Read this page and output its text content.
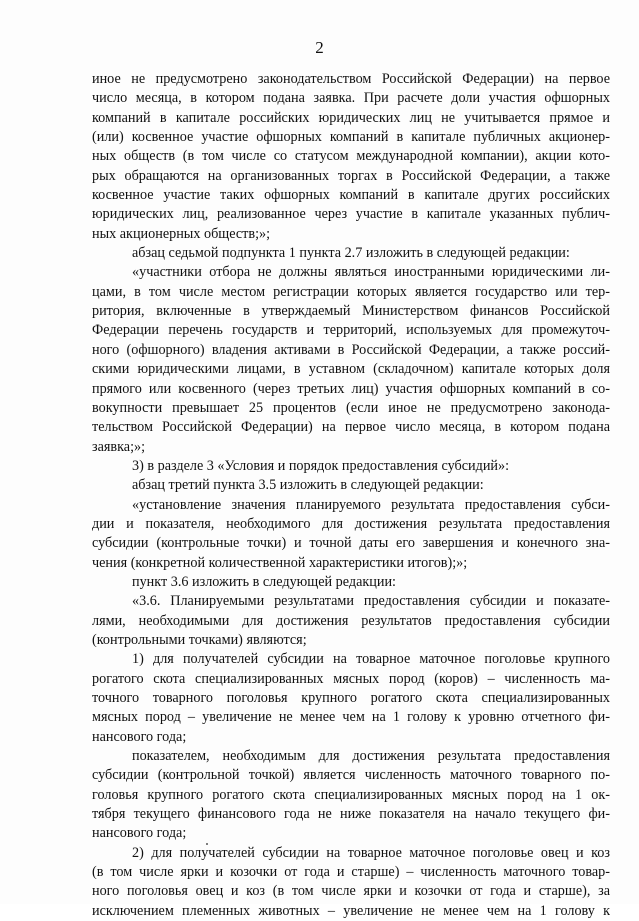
2
иное не предусмотрено законодательством Российской Федерации) на первое
число месяца, в котором подана заявка. При расчете доли участия офшорных
компаний в капитале российских юридических лиц не учитывается прямое и
(или) косвенное участие офшорных компаний в капитале публичных акционер-
ных обществ (в том числе со статусом международной компании), акции кото-
рых обращаются на организованных торгах в Российской Федерации, а также
косвенное участие таких офшорных компаний в капитале других российских
юридических лиц, реализованное через участие в капитале указанных публич-
ных акционерных обществ;»;
абзац седьмой подпункта 1 пункта 2.7 изложить в следующей редакции:
«участники отбора не должны являться иностранными юридическими ли-
цами, в том числе местом регистрации которых является государство или тер-
ритория, включенные в утверждаемый Министерством финансов Российской
Федерации перечень государств и территорий, используемых для промежуточ-
ного (офшорного) владения активами в Российской Федерации, а также россий-
скими юридическими лицами, в уставном (складочном) капитале которых доля
прямого или косвенного (через третьих лиц) участия офшорных компаний в со-
вокупности превышает 25 процентов (если иное не предусмотрено законода-
тельством Российской Федерации) на первое число месяца, в котором подана
заявка;»;
3) в разделе 3 «Условия и порядок предоставления субсидий»:
абзац третий пункта 3.5 изложить в следующей редакции:
«установление значения планируемого результата предоставления субси-
дии и показателя, необходимого для достижения результата предоставления
субсидии (контрольные точки) и точной даты его завершения и конечного зна-
чения (конкретной количественной характеристики итогов);»;
пункт 3.6 изложить в следующей редакции:
«3.6. Планируемыми результатами предоставления субсидии и показате-
лями, необходимыми для достижения результатов предоставления субсидии
(контрольными точками) являются;
1) для получателей субсидии на товарное маточное поголовье крупного
рогатого скота специализированных мясных пород (коров) – численность ма-
точного товарного поголовья крупного рогатого скота специализированных
мясных пород – увеличение не менее чем на 1 голову к уровню отчетного фи-
нансового года;
показателем, необходимым для достижения результата предоставления
субсидии (контрольной точкой) является численность маточного товарного по-
головья крупного рогатого скота специализированных мясных пород на 1 ок-
тября текущего финансового года не ниже показателя на начало текущего фи-
нансового года;
2) для получателей субсидии на товарное маточное поголовье овец и коз
(в том числе ярки и козочки от года и старше) – численность маточного товар-
ного поголовья овец и коз (в том числе ярки и козочки от года и старше), за
исключением племенных животных – увеличение не менее чем на 1 голову к
